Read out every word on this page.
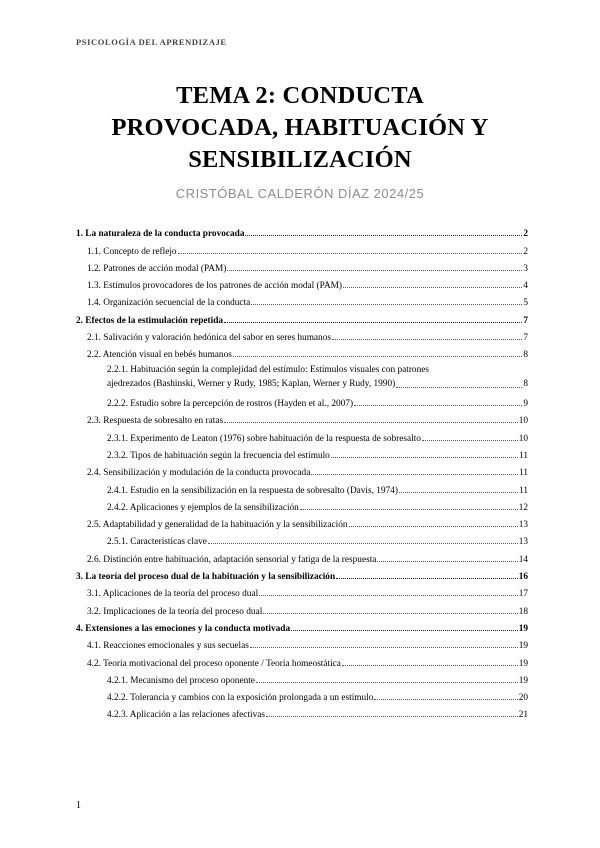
PSICOLOGÍA DEL APRENDIZAJE
TEMA 2: CONDUCTA
PROVOCADA, HABITUACIÓN Y
SENSIBILIZACIÓN
CRISTÓBAL CALDERÓN DÍAZ 2024/25
1. La naturaleza de la conducta provocada	2
1.1. Concepto de reflejo	2
1.2. Patrones de acción modal (PAM)	3
1.3. Estímulos provocadores de los patrones de acción modal (PAM)	4
1.4. Organización secuencial de la conducta	5
2. Efectos de la estimulación repetida	7
2.1. Salivación y valoración hedónica del sabor en seres humanos	7
2.2. Atención visual en bebés humanos	8
2.2.1. Habituación según la complejidad del estímulo: Estímulos visuales con patrones
ajedrezados (Bashinski, Werner y Rudy, 1985; Kaplan, Werner y Rudy, 1990)	8
2.2.2. Estudio sobre la percepción de rostros (Hayden et al., 2007)	9
2.3. Respuesta de sobresalto en ratas	10
2.3.1. Experimento de Leaton (1976) sobre habituación de la respuesta de sobresalto	10
2.3.2. Tipos de habituación según la frecuencia del estímulo	11
2.4. Sensibilización y modulación de la conducta provocada	11
2.4.1. Estudio en la sensibilización en la respuesta de sobresalto (Davis, 1974)	11
2.4.2. Aplicaciones y ejemplos de la sensibilización	12
2.5. Adaptabilidad y generalidad de la habituación y la sensibilización	13
2.5.1. Características clave	13
2.6. Distinción entre habituación, adaptación sensorial y fatiga de la respuesta	14
3. La teoría del proceso dual de la habituación y la sensibilización	16
3.1. Aplicaciones de la teoría del proceso dual	17
3.2. Implicaciones de la teoría del proceso dual	18
4. Extensiones a las emociones y la conducta motivada	19
4.1. Reacciones emocionales y sus secuelas	19
4.2. Teoría motivacional del proceso oponente / Teoría homeostática	19
4.2.1. Mecanismo del proceso oponente	19
4.2.2. Tolerancia y cambios con la exposición prolongada a un estímulo	20
4.2.3. Aplicación a las relaciones afectivas	21
1
